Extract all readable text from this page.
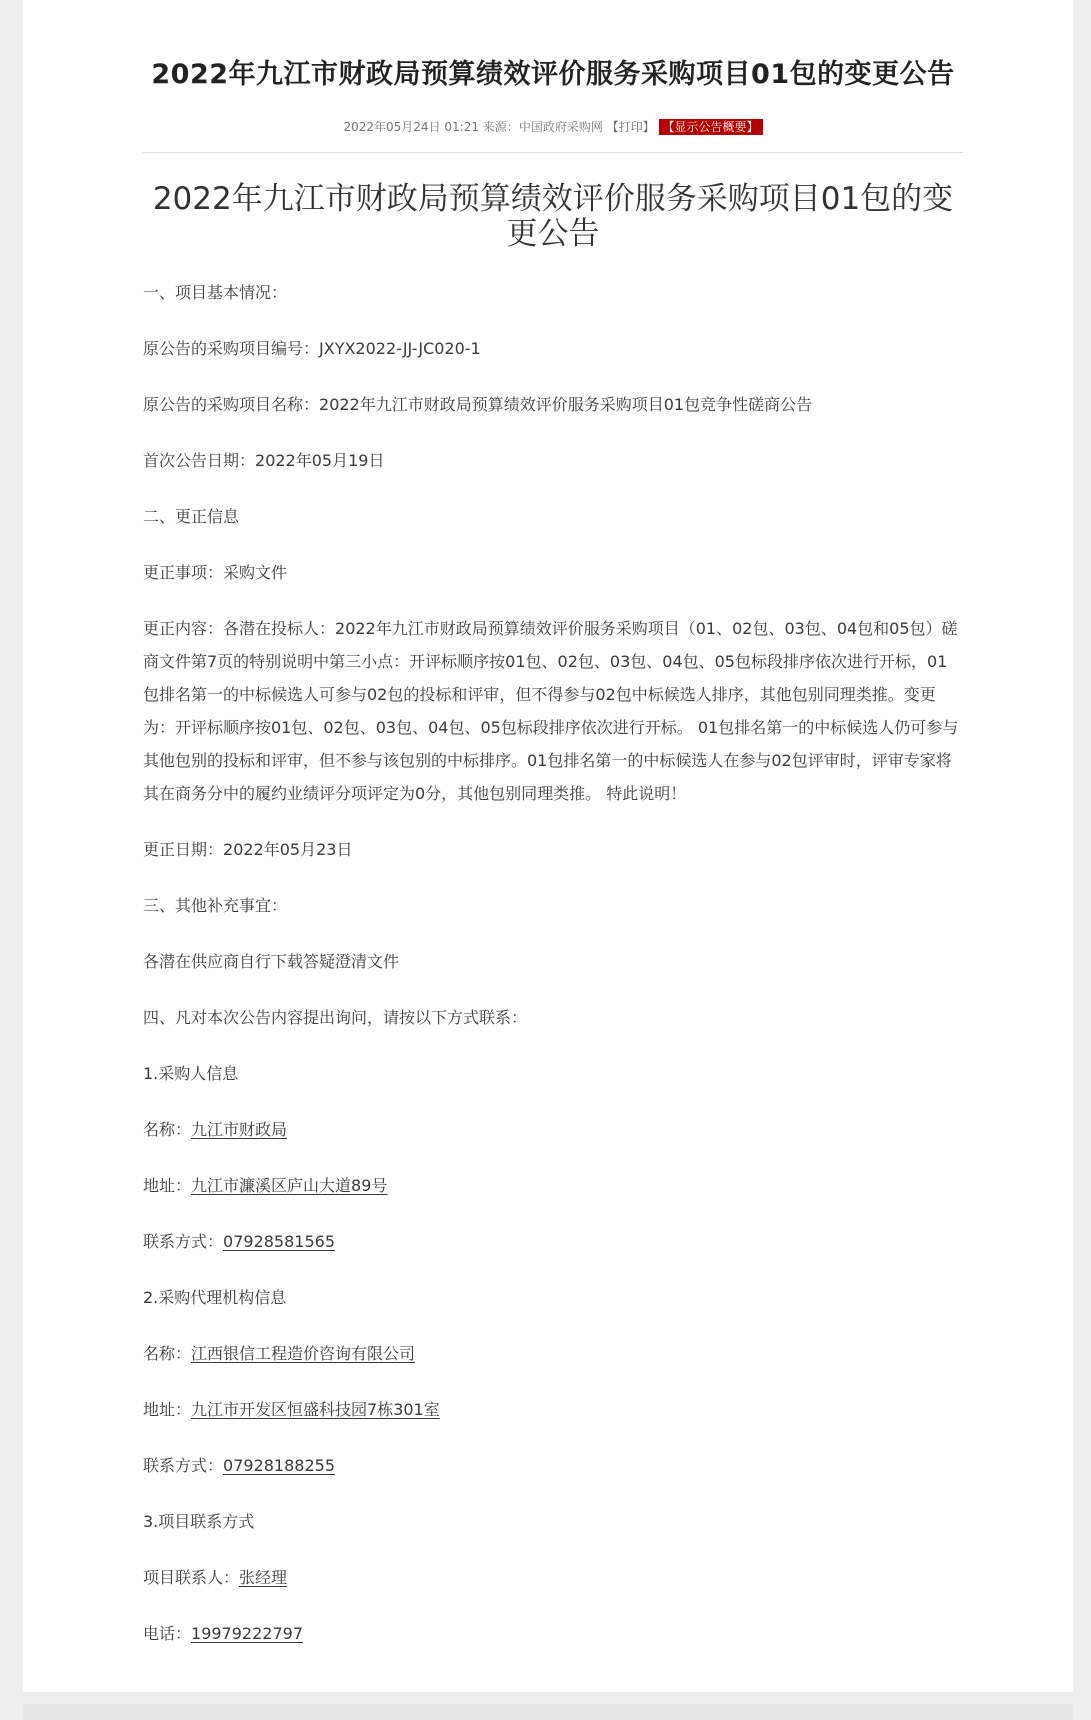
2022年九江市财政局预算绩效评价服务采购项目01包的变更公告
2022年05月24日 01:21 来源：中国政府采购网 【打印】 【显示公告概要】
2022年九江市财政局预算绩效评价服务采购项目01包的变更公告

一、项目基本情况：

原公告的采购项目编号：JXYX2022-JJ-JC020-1

原公告的采购项目名称：2022年九江市财政局预算绩效评价服务采购项目01包竞争性磋商公告

首次公告日期：2022年05月19日

二、更正信息

更正事项：采购文件

更正内容：各潜在投标人：2022年九江市财政局预算绩效评价服务采购项目（01、02包、03包、04包和05包）磋商文件第7页的特别说明中第三小点：开评标顺序按01包、02包、03包、04包、05包标段排序依次进行开标，01包排名第一的中标候选人可参与02包的投标和评审，但不得参与02包中标候选人排序，其他包别同理类推。变更为：开评标顺序按01包、02包、03包、04包、05包标段排序依次进行开标。 01包排名第一的中标候选人仍可参与其他包别的投标和评审，但不参与该包别的中标排序。01包排名第一的中标候选人在参与02包评审时，评审专家将其在商务分中的履约业绩评分项评定为0分，其他包别同理类推。 特此说明！

更正日期：2022年05月23日

三、其他补充事宜：

各潜在供应商自行下载答疑澄清文件

四、凡对本次公告内容提出询问，请按以下方式联系：

1.采购人信息

名称：九江市财政局

地址：九江市濂溪区庐山大道89号

联系方式：07928581565

2.采购代理机构信息

名称：江西银信工程造价咨询有限公司

地址：九江市开发区恒盛科技园7栋301室

联系方式：07928188255

3.项目联系方式

项目联系人：张经理

电话：19979222797
